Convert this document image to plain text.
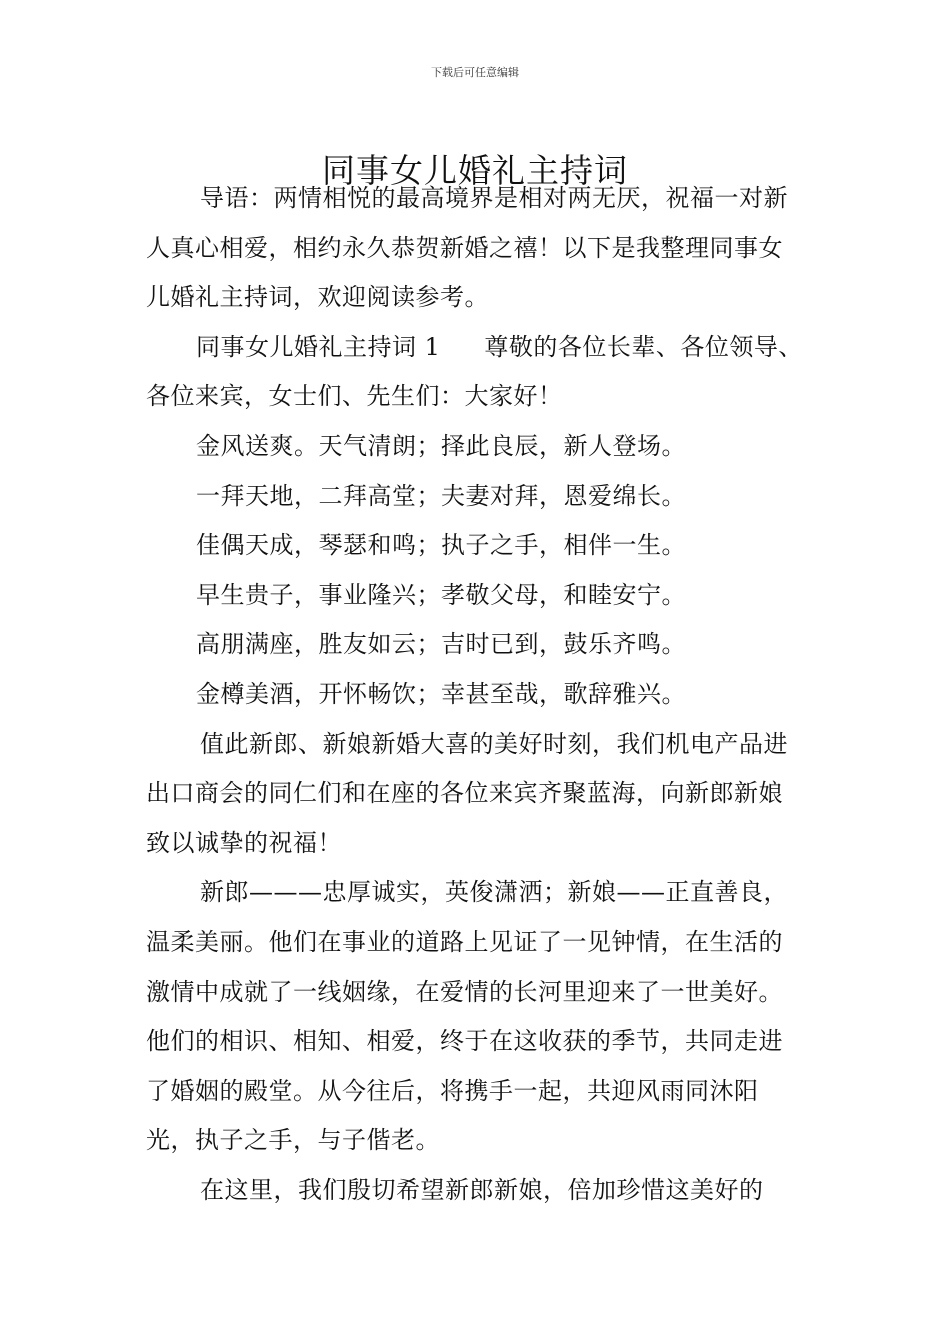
下载后可任意编辑
同事女儿婚礼主持词

导语：两情相悦的最高境界是相对两无厌，祝福一对新人真心相爱，相约永久恭贺新婚之禧！以下是我整理同事女儿婚礼主持词，欢迎阅读参考。

同事女儿婚礼主持词 1 尊敬的各位长辈、各位领导、各位来宾，女士们、先生们：大家好！

金风送爽。天气清朗；择此良辰，新人登场。

一拜天地，二拜高堂；夫妻对拜，恩爱绵长。

佳偶天成，琴瑟和鸣；执子之手，相伴一生。

早生贵子，事业隆兴；孝敬父母，和睦安宁。

高朋满座，胜友如云；吉时已到，鼓乐齐鸣。

金樽美酒，开怀畅饮；幸甚至哉，歌辞雅兴。

值此新郎、新娘新婚大喜的美好时刻，我们机电产品进出口商会的同仁们和在座的各位来宾齐聚蓝海，向新郎新娘致以诚挚的祝福！

新郎———忠厚诚实，英俊潇洒；新娘——正直善良，温柔美丽。他们在事业的道路上见证了一见钟情，在生活的激情中成就了一线姻缘，在爱情的长河里迎来了一世美好。他们的相识、相知、相爱，终于在这收获的季节，共同走进了婚姻的殿堂。从今往后，将携手一起，共迎风雨同沐阳光，执子之手，与子偕老。

在这里，我们殷切希望新郎新娘，倍加珍惜这美好的
